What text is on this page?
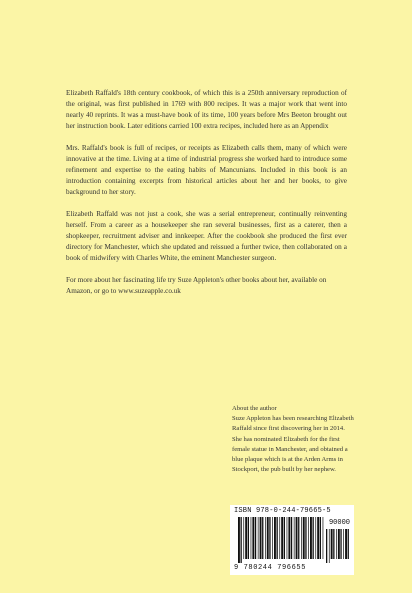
Elizabeth Raffald's 18th century cookbook, of which this is a 250th anniversary reproduction of the original, was first published in 1769 with 800 recipes. It was a major work that went into nearly 40 reprints. It was a must-have book of its time, 100 years before Mrs Beeton brought out her instruction book. Later editions carried 100 extra recipes, included here as an Appendix

Mrs. Raffald's book is full of recipes, or receipts as Elizabeth calls them, many of which were innovative at the time. Living at a time of industrial progress she worked hard to introduce some refinement and expertise to the eating habits of Mancunians. Included in this book is an introduction containing excerpts from historical articles about her and her books, to give background to her story.

Elizabeth Raffald was not just a cook, she was a serial entrepreneur, continually reinventing herself. From a career as a housekeeper she ran several businesses, first as a caterer, then a shopkeeper, recruitment adviser and innkeeper. After the cookbook she produced the first ever directory for Manchester, which she updated and reissued a further twice, then collaborated on a book of midwifery with Charles White, the eminent Manchester surgeon.

For more about her fascinating life try Suze Appleton's other books about her, available on Amazon, or go to www.suzeapple.co.uk

About the author

Suze Appleton has been researching Elizabeth Raffald since first discovering her in 2014. She has nominated Elizabeth for the first female statue in Manchester, and obtained a blue plaque which is at the Arden Arms in Stockport, the pub built by her nephew.

ISBN 978-0-244-79665-5
90000
9 780244 796655
